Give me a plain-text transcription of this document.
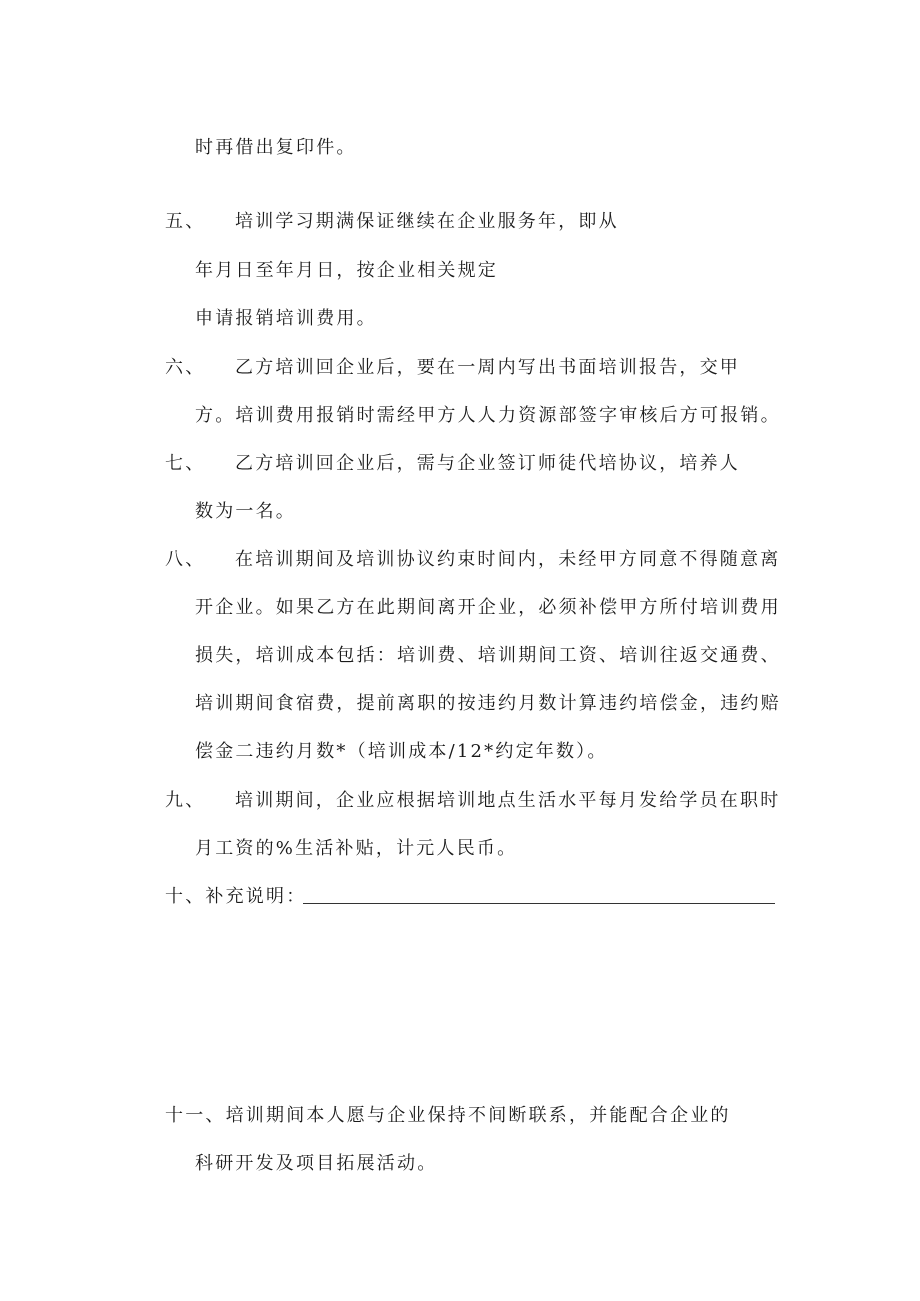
时再借出复印件。
五、 培训学习期满保证继续在企业服务年，即从
年月日至年月日，按企业相关规定
申请报销培训费用。
六、 乙方培训回企业后，要在一周内写出书面培训报告，交甲
方。培训费用报销时需经甲方人人力资源部签字审核后方可报销。
七、 乙方培训回企业后，需与企业签订师徒代培协议，培养人
数为一名。
八、 在培训期间及培训协议约束时间内，未经甲方同意不得随意离
开企业。如果乙方在此期间离开企业，必须补偿甲方所付培训费用
损失，培训成本包括：培训费、培训期间工资、培训往返交通费、
培训期间食宿费，提前离职的按违约月数计算违约培偿金，违约赔
偿金二违约月数*（培训成本/12*约定年数）。
九、 培训期间，企业应根据培训地点生活水平每月发给学员在职时
月工资的%生活补贴，计元人民币。
十、补充说明：
十一、培训期间本人愿与企业保持不间断联系，并能配合企业的
科研开发及项目拓展活动。
